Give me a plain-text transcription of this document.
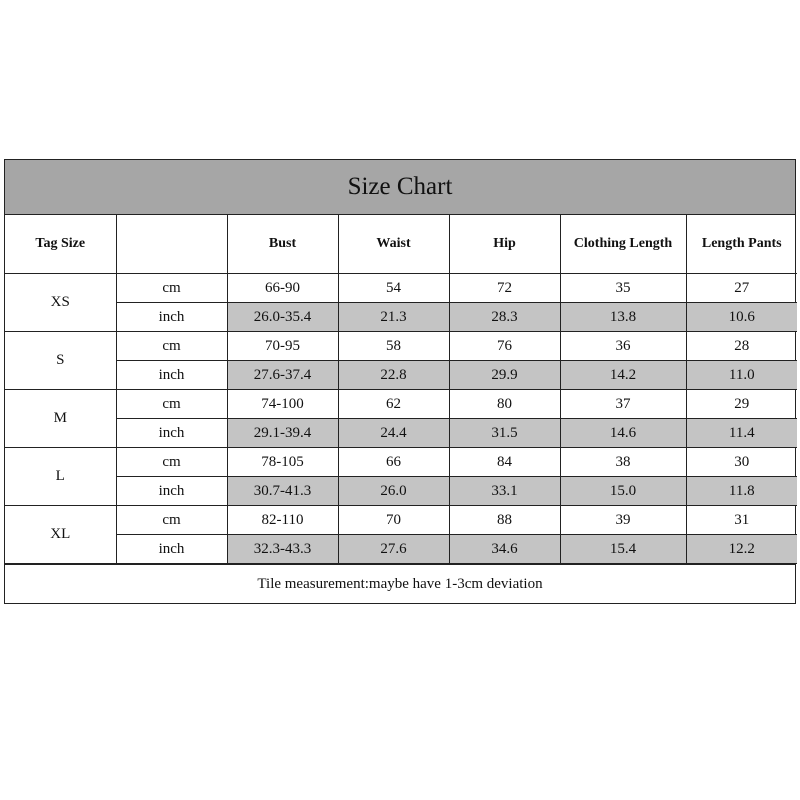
Size Chart
Tag Size		Bust	Waist	Hip	Clothing Length	Length Pants
XS	cm	66-90	54	72	35	27
	inch	26.0-35.4	21.3	28.3	13.8	10.6
S	cm	70-95	58	76	36	28
	inch	27.6-37.4	22.8	29.9	14.2	11.0
M	cm	74-100	62	80	37	29
	inch	29.1-39.4	24.4	31.5	14.6	11.4
L	cm	78-105	66	84	38	30
	inch	30.7-41.3	26.0	33.1	15.0	11.8
XL	cm	82-110	70	88	39	31
	inch	32.3-43.3	27.6	34.6	15.4	12.2
Tile measurement:maybe have 1-3cm deviation
